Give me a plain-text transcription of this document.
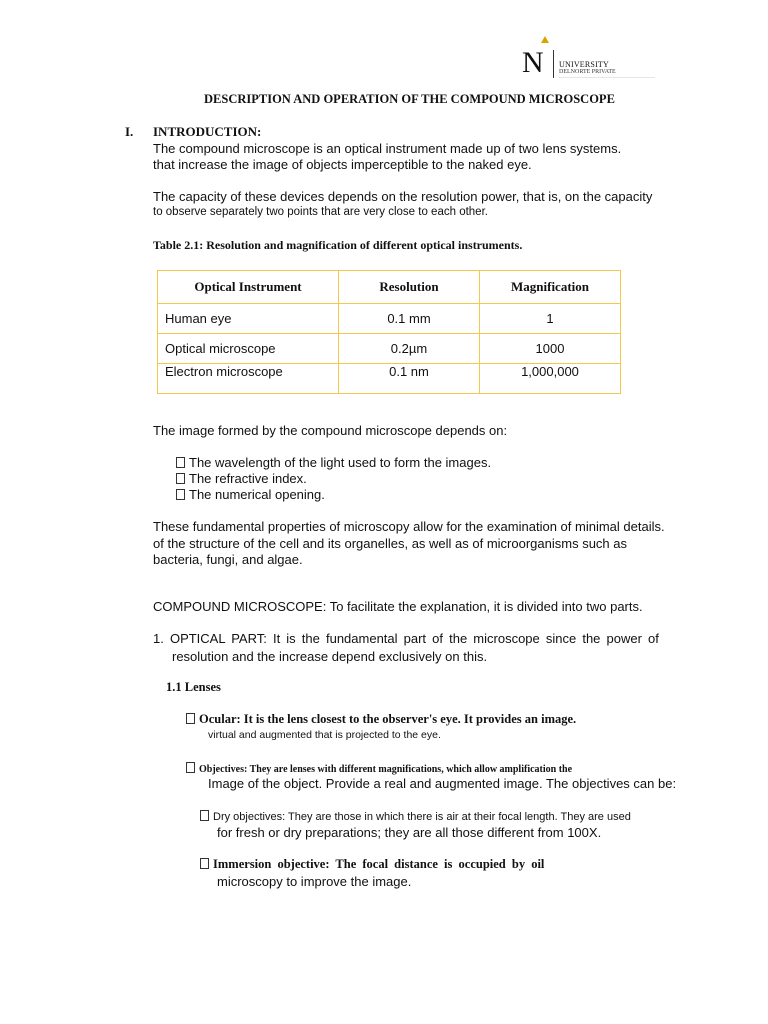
N UNIVERSITY
DELNORTE PRIVATE
DESCRIPTION AND OPERATION OF THE COMPOUND MICROSCOPE
I. INTRODUCTION:
The compound microscope is an optical instrument made up of two lens systems.
that increase the image of objects imperceptible to the naked eye.
The capacity of these devices depends on the resolution power, that is, on the capacity
to observe separately two points that are very close to each other.
Table 2.1: Resolution and magnification of different optical instruments.
Optical Instrument	Resolution	Magnification
Human eye	0.1 mm	1
Optical microscope	0.2µm	1000

Electron microscope	0.1 nm	1,000,000
The image formed by the compound microscope depends on:
The wavelength of the light used to form the images.
The refractive index.
The numerical opening.
These fundamental properties of microscopy allow for the examination of minimal details.
of the structure of the cell and its organelles, as well as of microorganisms such as
bacteria, fungi, and algae.
COMPOUND MICROSCOPE: To facilitate the explanation, it is divided into two parts.
1. OPTICAL PART: It is the fundamental part of the microscope since the power of
resolution and the increase depend exclusively on this.
1.1 Lenses
Ocular: It is the lens closest to the observer's eye. It provides an image.
virtual and augmented that is projected to the eye.
Objectives: They are lenses with different magnifications, which allow amplification the
Image of the object. Provide a real and augmented image. The objectives can be:
Dry objectives: They are those in which there is air at their focal length. They are used
for fresh or dry preparations; they are all those different from 100X.
Immersion objective: The focal distance is occupied by oil
microscopy to improve the image.
